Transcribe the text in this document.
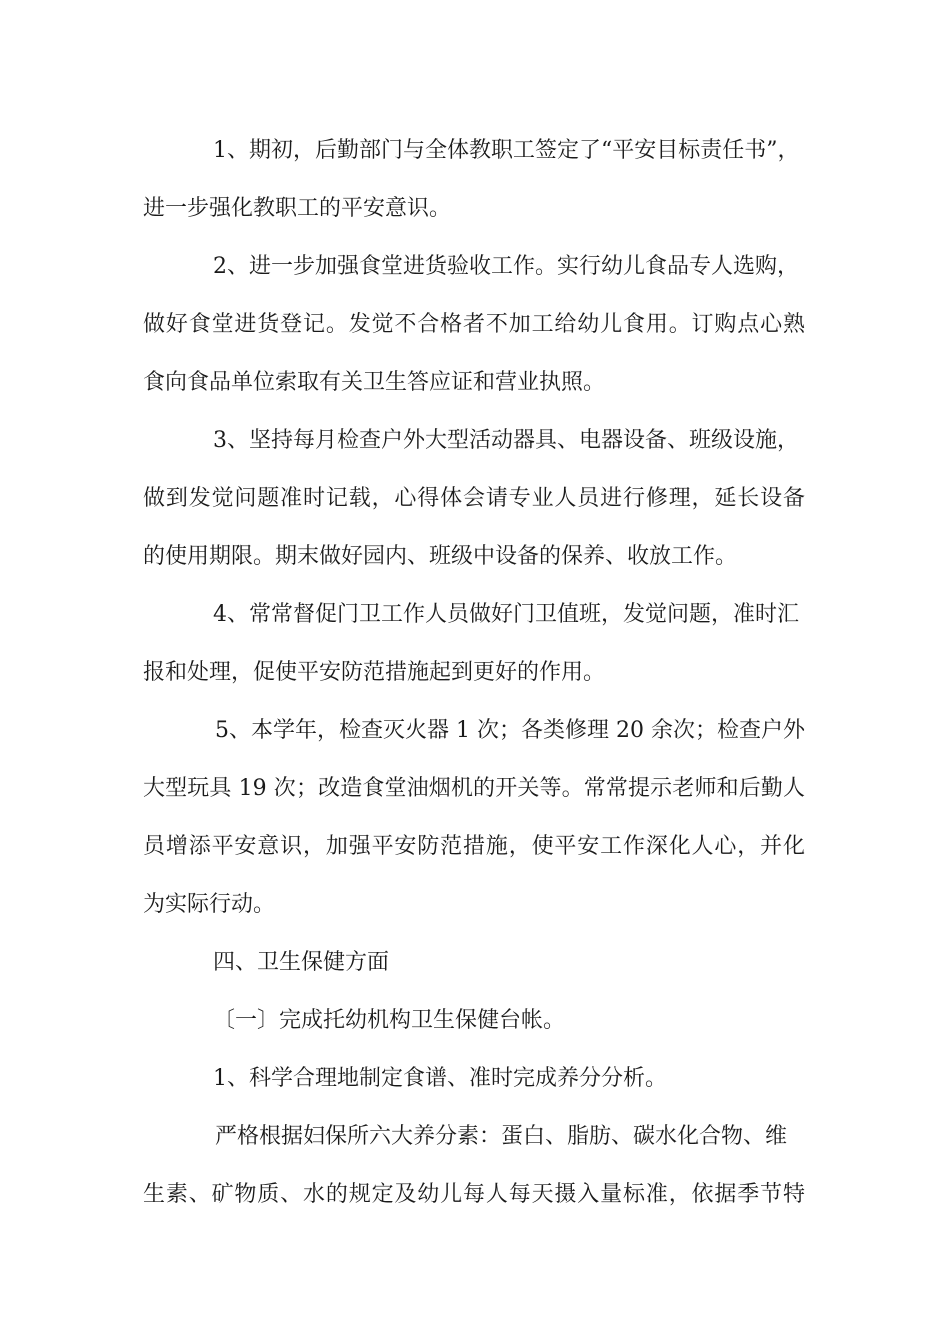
1、期初，后勤部门与全体教职工签定了“平安目标责任书”，
进一步强化教职工的平安意识。
2、进一步加强食堂进货验收工作。实行幼儿食品专人选购，
做好食堂进货登记。发觉不合格者不加工给幼儿食用。订购点心熟
食向食品单位索取有关卫生答应证和营业执照。
3、坚持每月检查户外大型活动器具、电器设备、班级设施，
做到发觉问题准时记载，心得体会请专业人员进行修理，延长设备
的使用期限。期末做好园内、班级中设备的保养、收放工作。
4、常常督促门卫工作人员做好门卫值班，发觉问题，准时汇
报和处理，促使平安防范措施起到更好的作用。
5、本学年，检查灭火器 1 次；各类修理 20 余次；检查户外
大型玩具 19 次；改造食堂油烟机的开关等。常常提示老师和后勤人
员增添平安意识，加强平安防范措施，使平安工作深化人心，并化
为实际行动。
四、卫生保健方面
〔一〕完成托幼机构卫生保健台帐。
1、科学合理地制定食谱、准时完成养分分析。
严格根据妇保所六大养分素：蛋白、脂肪、碳水化合物、维
生素、矿物质、水的规定及幼儿每人每天摄入量标准，依据季节特
